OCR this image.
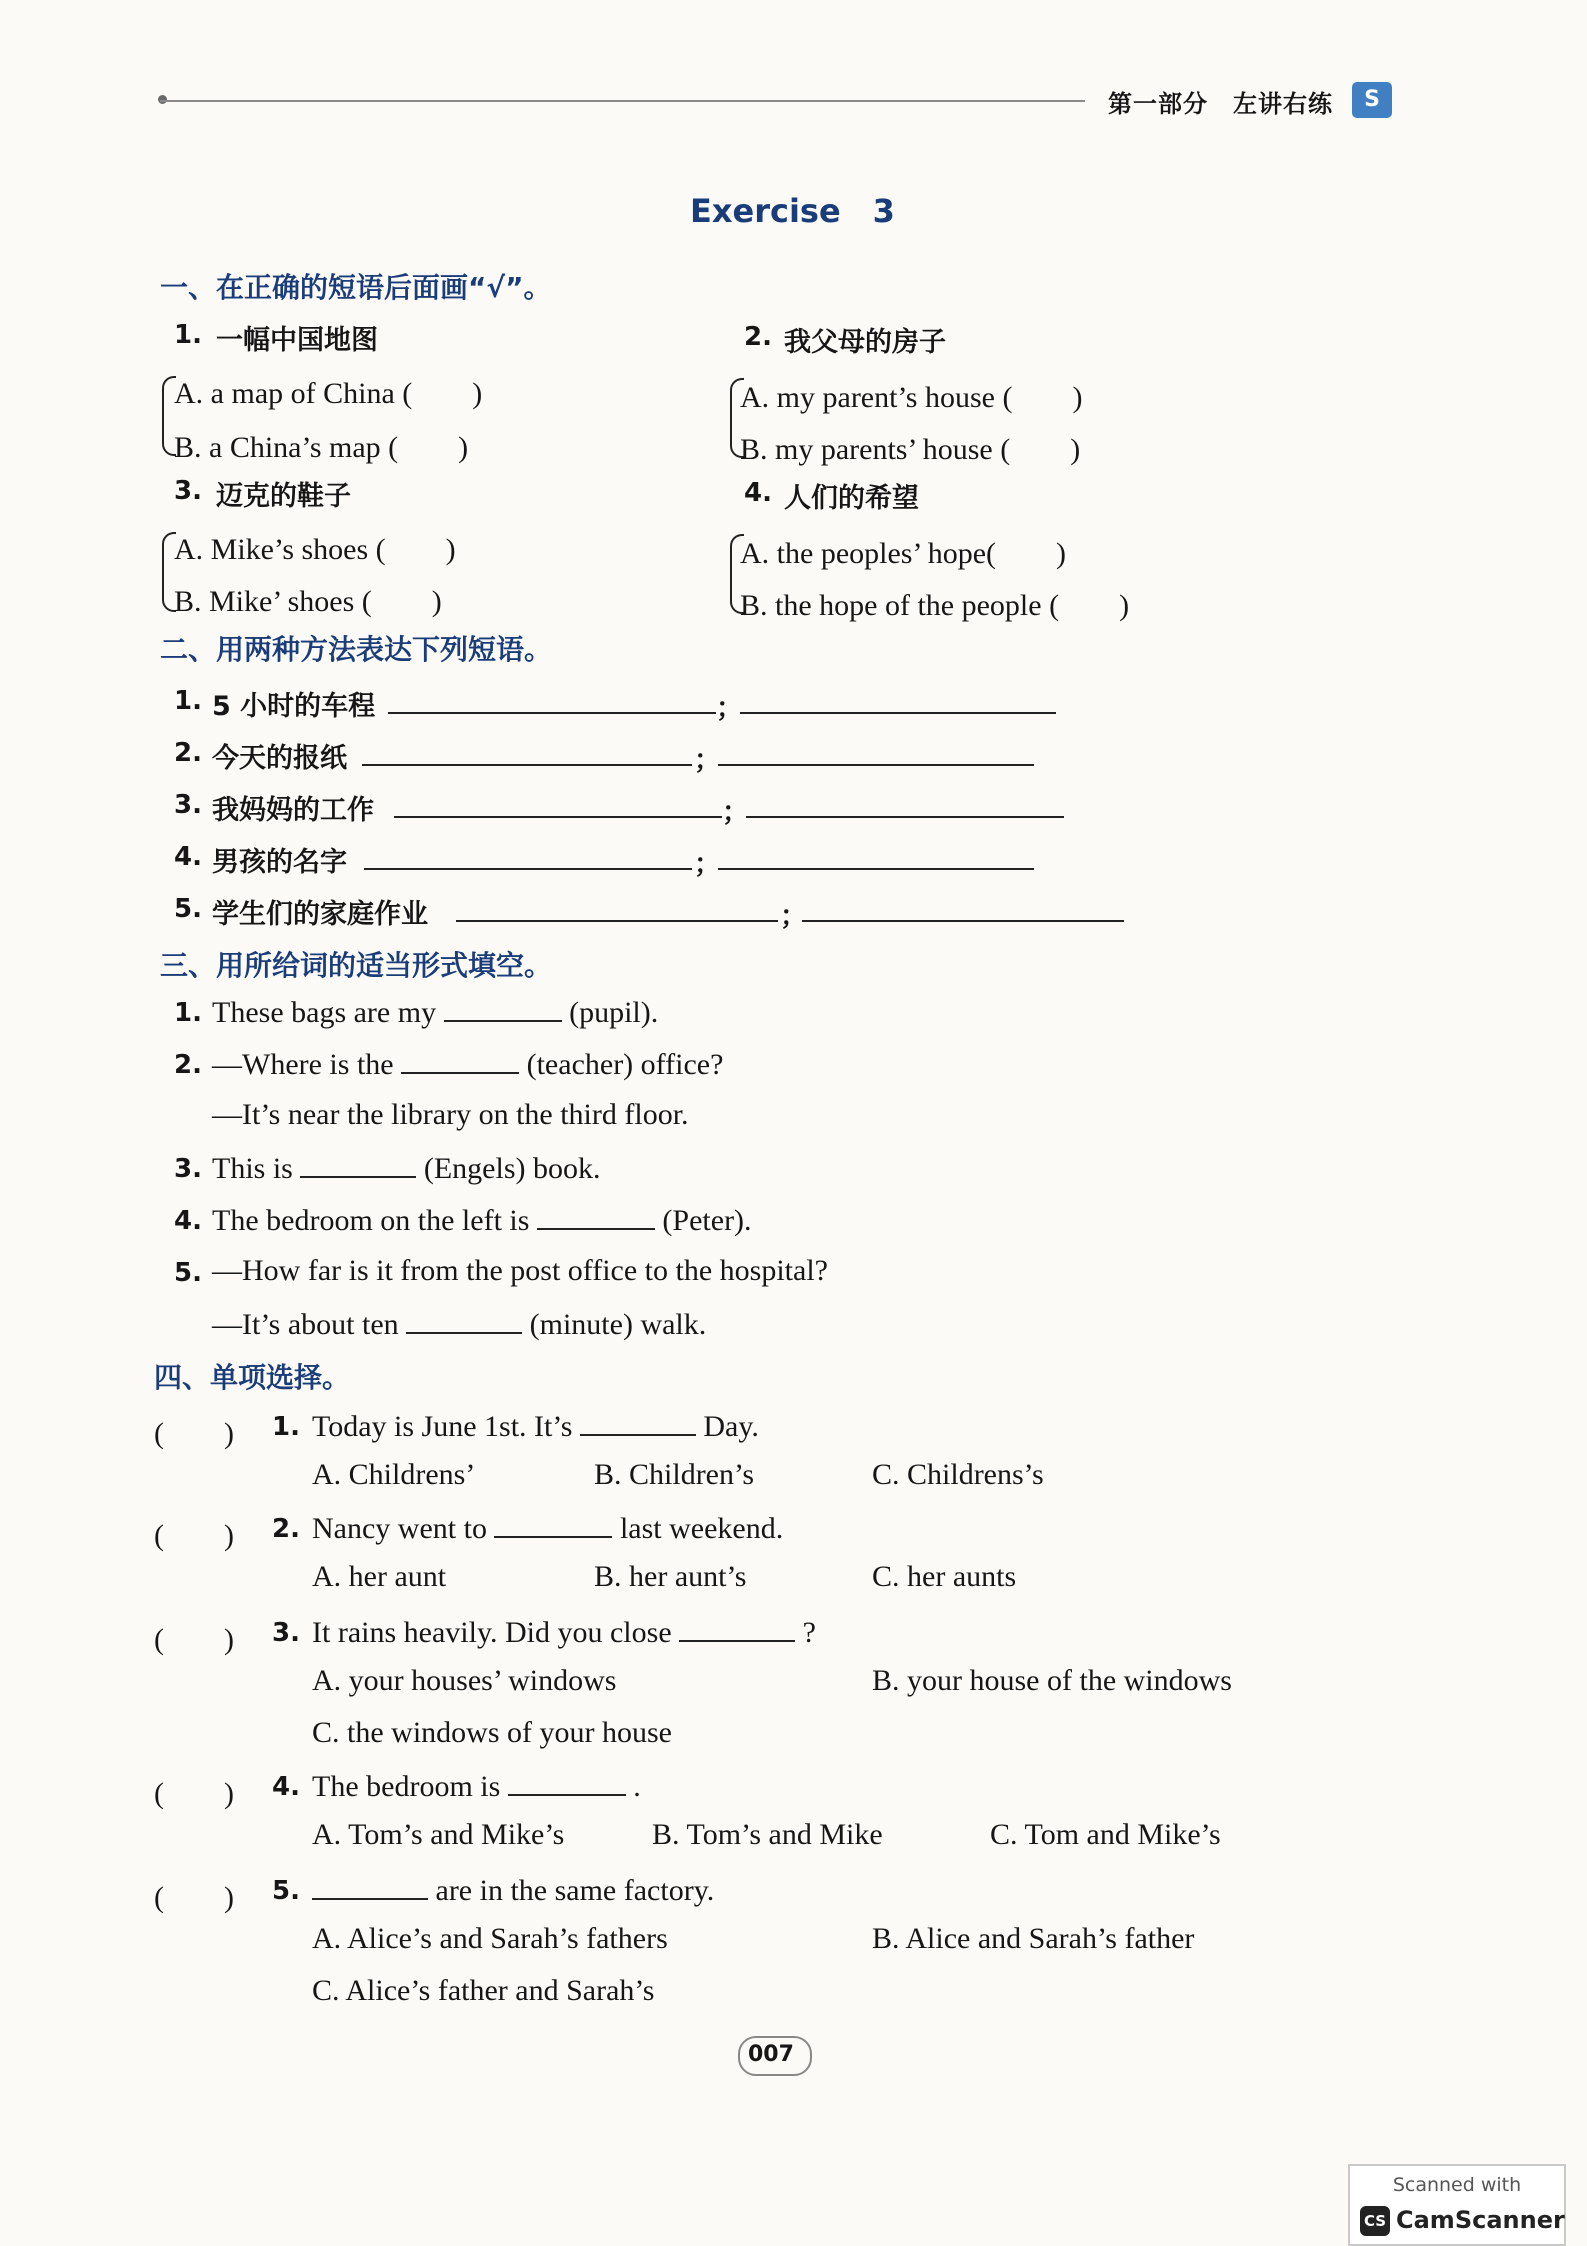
第一部分　左讲右练	S
Exercise　3
一、在正确的短语后面画“√”。
1. 一幅中国地图
A. a map of China (　　)
B. a China’s map (　　)
2. 我父母的房子
A. my parent’s house (　　)
B. my parents’ house (　　)
3. 迈克的鞋子
A. Mike’s shoes (　　)
B. Mike’ shoes (　　)
4. 人们的希望
A. the peoples’ hope(　　)
B. the hope of the people (　　)
二、用两种方法表达下列短语。
1. 5 小时的车程	；
2. 今天的报纸	；
3. 我妈妈的工作	；
4. 男孩的名字	；
5. 学生们的家庭作业	；
三、用所给词的适当形式填空。
1. These bags are my	(pupil).
2. —Where is the	(teacher) office?
—It’s near the library on the third floor.
3. This is	(Engels) book.
4. The bedroom on the left is	(Peter).
5. —How far is it from the post office to the hospital?
—It’s about ten	(minute) walk.
四、单项选择。
(　　) 1. Today is June 1st. It’s	Day.
A. Childrens’	B. Children’s	C. Childrens’s
(　　) 2. Nancy went to	last weekend.
A. her aunt	B. her aunt’s	C. her aunts
(　　) 3. It rains heavily. Did you close	?
A. your houses’ windows	B. your house of the windows
C. the windows of your house
(　　) 4. The bedroom is	.
A. Tom’s and Mike’s	B. Tom’s and Mike	C. Tom and Mike’s
(　　) 5.	are in the same factory.
A. Alice’s and Sarah’s fathers	B. Alice and Sarah’s father
C. Alice’s father and Sarah’s
007
Scanned with
CS CamScanner
